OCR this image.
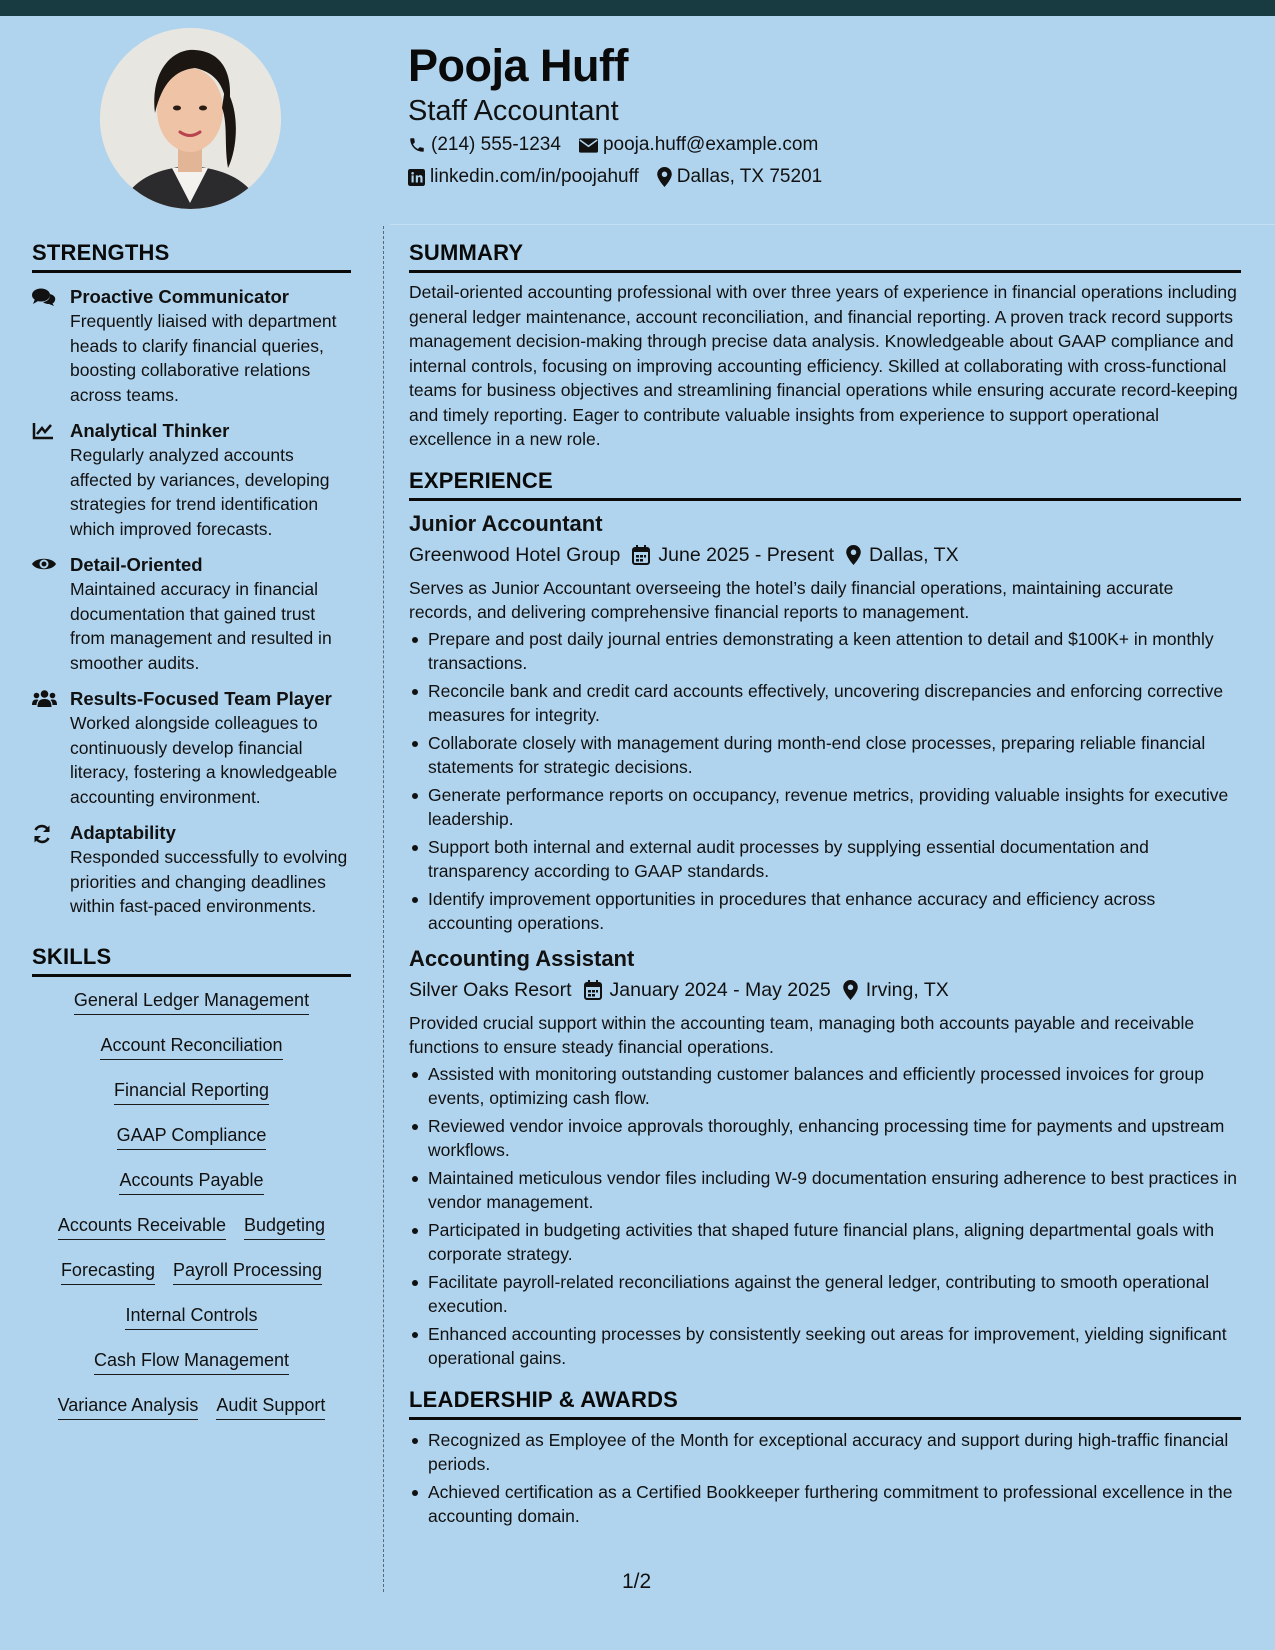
Pooja Huff
Staff Accountant
(214) 555-1234 pooja.huff@example.com
linkedin.com/in/poojahuff Dallas, TX 75201
STRENGTHS
Proactive Communicator
Frequently liaised with department heads to clarify financial queries, boosting collaborative relations across teams.
Analytical Thinker
Regularly analyzed accounts affected by variances, developing strategies for trend identification which improved forecasts.
Detail-Oriented
Maintained accuracy in financial documentation that gained trust from management and resulted in smoother audits.
Results-Focused Team Player
Worked alongside colleagues to continuously develop financial literacy, fostering a knowledgeable accounting environment.
Adaptability
Responded successfully to evolving priorities and changing deadlines within fast-paced environments.
SKILLS
General Ledger Management
Account Reconciliation
Financial Reporting
GAAP Compliance
Accounts Payable
Accounts Receivable Budgeting
Forecasting Payroll Processing
Internal Controls
Cash Flow Management
Variance Analysis Audit Support
SUMMARY
Detail-oriented accounting professional with over three years of experience in financial operations including general ledger maintenance, account reconciliation, and financial reporting. A proven track record supports management decision-making through precise data analysis. Knowledgeable about GAAP compliance and internal controls, focusing on improving accounting efficiency. Skilled at collaborating with cross-functional teams for business objectives and streamlining financial operations while ensuring accurate record-keeping and timely reporting. Eager to contribute valuable insights from experience to support operational excellence in a new role.
EXPERIENCE
Junior Accountant
Greenwood Hotel Group June 2025 - Present Dallas, TX
Serves as Junior Accountant overseeing the hotel’s daily financial operations, maintaining accurate records, and delivering comprehensive financial reports to management.
Prepare and post daily journal entries demonstrating a keen attention to detail and $100K+ in monthly transactions.
Reconcile bank and credit card accounts effectively, uncovering discrepancies and enforcing corrective measures for integrity.
Collaborate closely with management during month-end close processes, preparing reliable financial statements for strategic decisions.
Generate performance reports on occupancy, revenue metrics, providing valuable insights for executive leadership.
Support both internal and external audit processes by supplying essential documentation and transparency according to GAAP standards.
Identify improvement opportunities in procedures that enhance accuracy and efficiency across accounting operations.
Accounting Assistant
Silver Oaks Resort January 2024 - May 2025 Irving, TX
Provided crucial support within the accounting team, managing both accounts payable and receivable functions to ensure steady financial operations.
Assisted with monitoring outstanding customer balances and efficiently processed invoices for group events, optimizing cash flow.
Reviewed vendor invoice approvals thoroughly, enhancing processing time for payments and upstream workflows.
Maintained meticulous vendor files including W-9 documentation ensuring adherence to best practices in vendor management.
Participated in budgeting activities that shaped future financial plans, aligning departmental goals with corporate strategy.
Facilitate payroll-related reconciliations against the general ledger, contributing to smooth operational execution.
Enhanced accounting processes by consistently seeking out areas for improvement, yielding significant operational gains.
LEADERSHIP & AWARDS
Recognized as Employee of the Month for exceptional accuracy and support during high-traffic financial periods.
Achieved certification as a Certified Bookkeeper furthering commitment to professional excellence in the accounting domain.
1/2
